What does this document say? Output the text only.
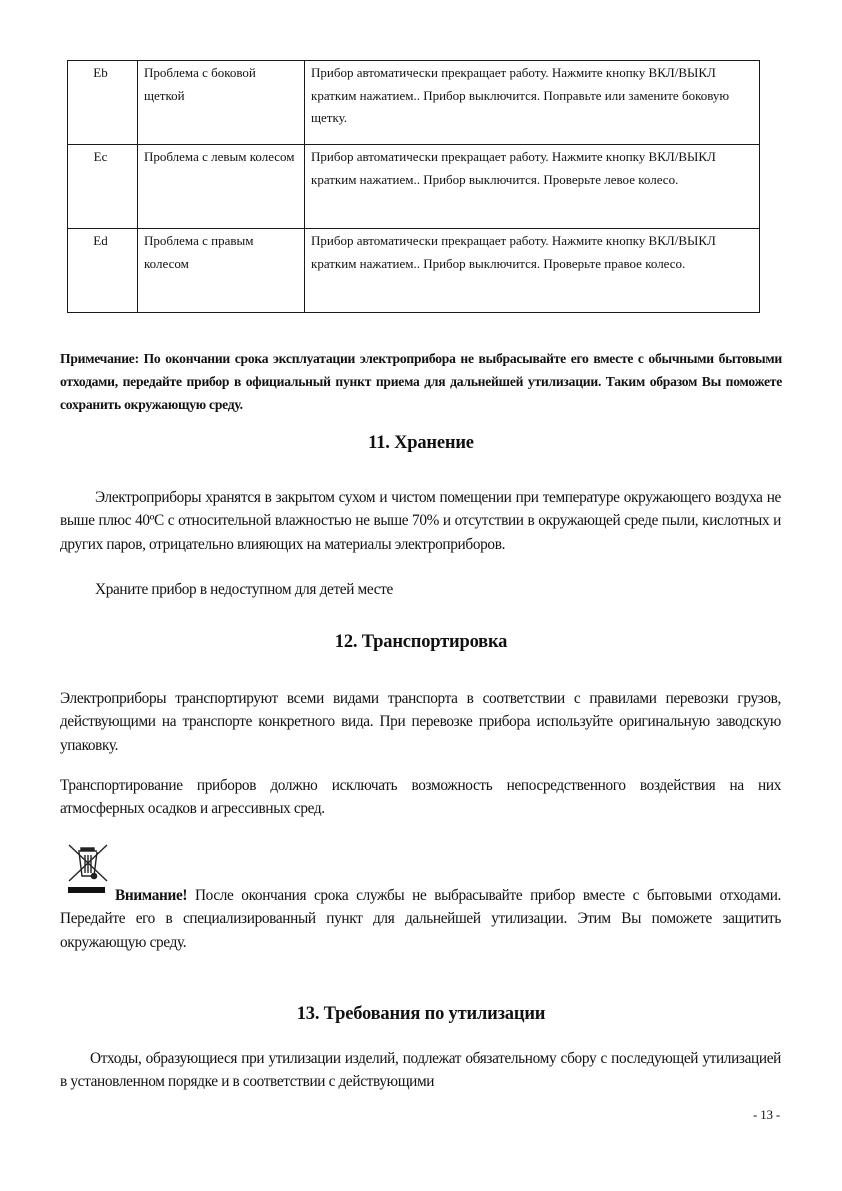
Eb	Проблема с боковой щеткой	Прибор автоматически прекращает работу. Нажмите кнопку ВКЛ/ВЫКЛ кратким нажатием.. Прибор выключится. Поправьте или замените боковую щетку.
Ec	Проблема с левым колесом	Прибор автоматически прекращает работу. Нажмите кнопку ВКЛ/ВЫКЛ кратким нажатием.. Прибор выключится. Проверьте левое колесо.
Ed	Проблема с правым колесом	Прибор автоматически прекращает работу. Нажмите кнопку ВКЛ/ВЫКЛ кратким нажатием.. Прибор выключится. Проверьте правое колесо.

Примечание: По окончании срока эксплуатации электроприбора не выбрасывайте его вместе с обычными бытовыми отходами, передайте прибор в официальный пункт приема для дальнейшей утилизации. Таким образом Вы поможете сохранить окружающую среду.

11. Хранение

Электроприборы хранятся в закрытом сухом и чистом помещении при температуре окружающего воздуха не выше плюс 40ºС с относительной влажностью не выше 70% и отсутствии в окружающей среде пыли, кислотных и других паров, отрицательно влияющих на материалы электроприборов.

Храните прибор в недоступном для детей месте

12. Транспортировка

Электроприборы транспортируют всеми видами транспорта в соответствии с правилами перевозки грузов, действующими на транспорте конкретного вида. При перевозке прибора используйте оригинальную заводскую упаковку.

Транспортирование приборов должно исключать возможность непосредственного воздействия на них атмосферных осадков и агрессивных сред.

Внимание! После окончания срока службы не выбрасывайте прибор вместе с бытовыми отходами. Передайте его в специализированный пункт для дальнейшей утилизации. Этим Вы поможете защитить окружающую среду.

13. Требования по утилизации

Отходы, образующиеся при утилизации изделий, подлежат обязательному сбору с последующей утилизацией в установленном порядке и в соответствии с действующими

- 13 -
